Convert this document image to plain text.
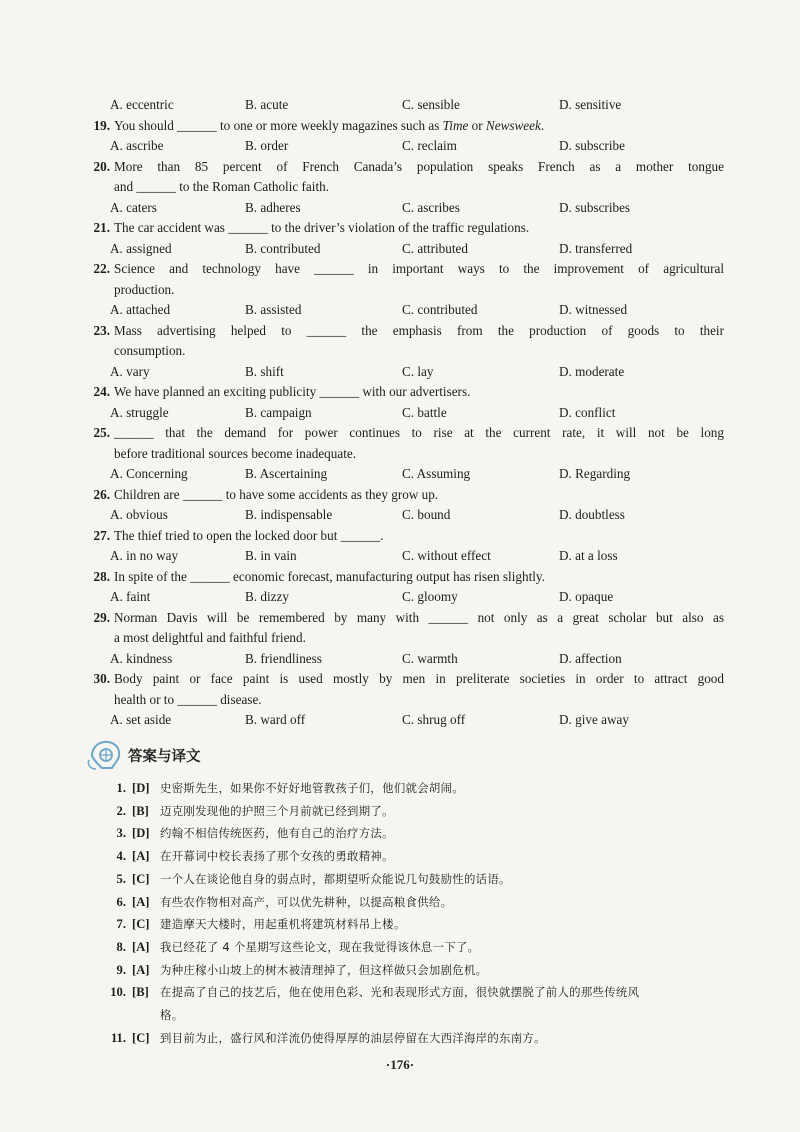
A. eccentric	B. acute	C. sensible	D. sensitive
19. You should ______ to one or more weekly magazines such as Time or Newsweek.
A. ascribe	B. order	C. reclaim	D. subscribe
20. More than 85 percent of French Canada’s population speaks French as a mother tongue
and ______ to the Roman Catholic faith.
A. caters	B. adheres	C. ascribes	D. subscribes
21. The car accident was ______ to the driver’s violation of the traffic regulations.
A. assigned	B. contributed	C. attributed	D. transferred
22. Science and technology have ______ in important ways to the improvement of agricultural
production.
A. attached	B. assisted	C. contributed	D. witnessed
23. Mass advertising helped to ______ the emphasis from the production of goods to their
consumption.
A. vary	B. shift	C. lay	D. moderate
24. We have planned an exciting publicity ______ with our advertisers.
A. struggle	B. campaign	C. battle	D. conflict
25. ______ that the demand for power continues to rise at the current rate, it will not be long
before traditional sources become inadequate.
A. Concerning	B. Ascertaining	C. Assuming	D. Regarding
26. Children are ______ to have some accidents as they grow up.
A. obvious	B. indispensable	C. bound	D. doubtless
27. The thief tried to open the locked door but ______.
A. in no way	B. in vain	C. without effect	D. at a loss
28. In spite of the ______ economic forecast, manufacturing output has risen slightly.
A. faint	B. dizzy	C. gloomy	D. opaque
29. Norman Davis will be remembered by many with ______ not only as a great scholar but also as
a most delightful and faithful friend.
A. kindness	B. friendliness	C. warmth	D. affection
30. Body paint or face paint is used mostly by men in preliterate societies in order to attract good
health or to ______ disease.
A. set aside	B. ward off	C. shrug off	D. give away
答案与译文
1. [D] 史密斯先生，如果你不好好地管教孩子们，他们就会胡闹。
2. [B] 迈克刚发现他的护照三个月前就已经到期了。
3. [D] 约翰不相信传统医药，他有自己的治疗方法。
4. [A] 在开幕词中校长表扬了那个女孩的勇敢精神。
5. [C] 一个人在谈论他自身的弱点时，都期望听众能说几句鼓励性的话语。
6. [A] 有些农作物相对高产，可以优先耕种，以提高粮食供给。
7. [C] 建造摩天大楼时，用起重机将建筑材料吊上楼。
8. [A] 我已经花了 4 个星期写这些论文，现在我觉得该休息一下了。
9. [A] 为种庄稼小山坡上的树木被清理掉了，但这样做只会加剧危机。
10. [B] 在提高了自己的技艺后，他在使用色彩、光和表现形式方面，很快就摆脱了前人的那些传统风
格。
11. [C] 到目前为止，盛行风和洋流仍使得厚厚的油层停留在大西洋海岸的东南方。
·176·
